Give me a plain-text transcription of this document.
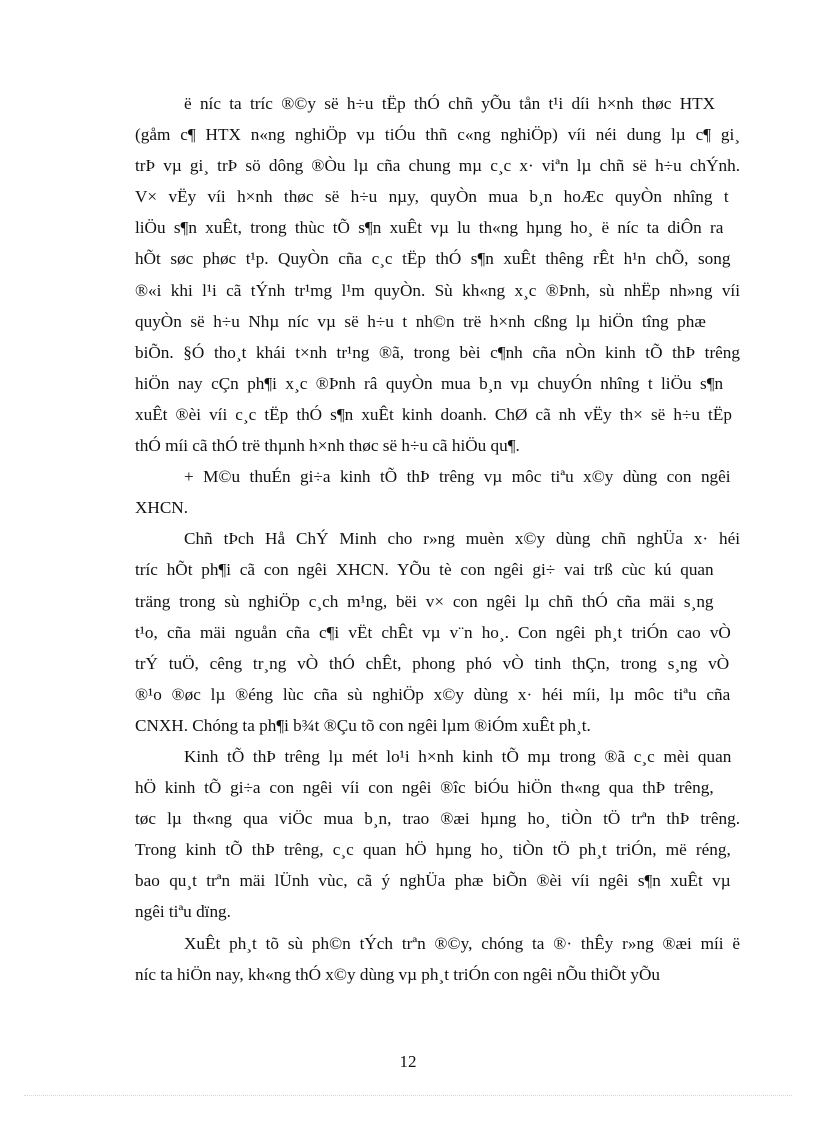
ë níc ta tríc ®©y së h÷u tËp thÓ chñ yÕu tån t¹i díi h×nh thøc HTX
(gåm c¶ HTX n«ng nghiÖp vµ tiÓu thñ c«ng nghiÖp) víi néi dung lµ c¶ gi¸
trÞ vµ gi¸ trÞ sö dông ®Òu lµ cña chung mµ c¸c x· viªn lµ chñ së h÷u chÝnh.
V× vËy víi h×nh thøc së h÷u nµy, quyÒn mua b¸n hoÆc quyÒn nhîng t
liÖu s¶n xuÊt, trong thùc tÕ s¶n xuÊt vµ lu th«ng hµng ho¸ ë níc ta diÔn ra
hÕt søc phøc t¹p. QuyÒn cña c¸c tËp thÓ s¶n xuÊt thêng rÊt h¹n chÕ, song
®«i khi l¹i cã tÝnh tr¹mg l¹m quyÒn. Sù kh«ng x¸c ®Þnh, sù nhËp nh»ng víi
quyÒn së h÷u Nhµ níc vµ së h÷u t nh©n trë h×nh cßng lµ hiÖn tîng phæ
biÕn. §Ó tho¸t khái t×nh tr¹ng ®ã, trong bèi c¶nh cña nÒn kinh tÕ thÞ trêng
hiÖn nay cÇn ph¶i x¸c ®Þnh râ quyÒn mua b¸n vµ chuyÓn nhîng t liÖu s¶n
xuÊt ®èi víi c¸c tËp thÓ s¶n xuÊt kinh doanh. ChØ cã nh vËy th× së h÷u tËp
thÓ míi cã thÓ trë thµnh h×nh thøc së h÷u cã hiÖu qu¶.
+ M©u thuÉn gi÷a kinh tÕ thÞ trêng vµ môc tiªu x©y dùng con ngêi
XHCN.
Chñ tÞch Hå ChÝ Minh cho r»ng muèn x©y dùng chñ nghÜa x· héi
tríc hÕt ph¶i cã con ngêi XHCN. YÕu tè con ngêi gi÷ vai trß cùc kú quan
träng trong sù nghiÖp c¸ch m¹ng, bëi v× con ngêi lµ chñ thÓ cña mäi s¸ng
t¹o, cña mäi nguån cña c¶i vËt chÊt vµ v¨n ho¸. Con ngêi ph¸t triÓn cao vÒ
trÝ tuÖ, cêng tr¸ng vÒ thÓ chÊt, phong phó vÒ tinh thÇn, trong s¸ng vÒ
®¹o ®øc lµ ®éng lùc cña sù nghiÖp x©y dùng x· héi míi, lµ môc tiªu cña
CNXH. Chóng ta ph¶i b¾t ®Çu tõ con ngêi lµm ®iÓm xuÊt ph¸t.
Kinh tÕ thÞ trêng lµ mét lo¹i h×nh kinh tÕ mµ trong ®ã c¸c mèi quan
hÖ kinh tÕ gi÷a con ngêi víi con ngêi ®îc biÓu hiÖn th«ng qua thÞ trêng,
tøc lµ th«ng qua viÖc mua b¸n, trao ®æi hµng ho¸ tiÒn tÖ trªn thÞ trêng.
Trong kinh tÕ thÞ trêng, c¸c quan hÖ hµng ho¸ tiÒn tÖ ph¸t triÓn, më réng,
bao qu¸t trªn mäi lÜnh vùc, cã ý nghÜa phæ biÕn ®èi víi ngêi s¶n xuÊt vµ
ngêi tiªu dïng.
XuÊt ph¸t tõ sù ph©n tÝch trªn ®©y, chóng ta ®· thÊy r»ng ®æi míi ë
níc ta hiÖn nay, kh«ng thÓ x©y dùng vµ ph¸t triÓn con ngêi nÕu thiÕt yÕu
12
